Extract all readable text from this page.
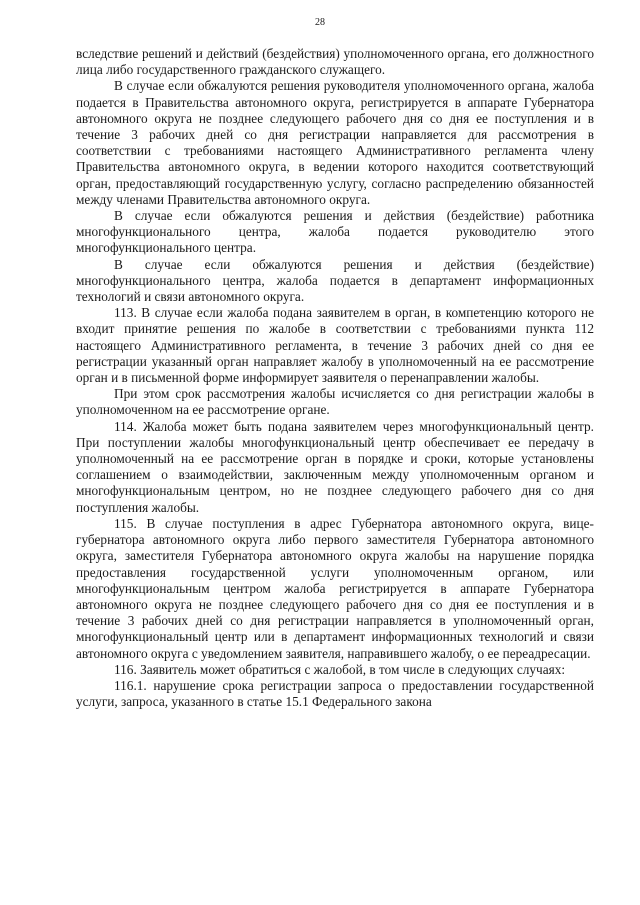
28

вследствие решений и действий (бездействия) уполномоченного органа, его должностного лица либо государственного гражданского служащего.

В случае если обжалуются решения руководителя уполномоченного органа, жалоба подается в Правительства автономного округа, регистрируется в аппарате Губернатора автономного округа не позднее следующего рабочего дня со дня ее поступления и в течение 3 рабочих дней со дня регистрации направляется для рассмотрения в соответствии с требованиями настоящего Административного регламента члену Правительства автономного округа, в ведении которого находится соответствующий орган, предоставляющий государственную услугу, согласно распределению обязанностей между членами Правительства автономного округа.

В случае если обжалуются решения и действия (бездействие) работника многофункционального центра, жалоба подается руководителю этого многофункционального центра.

В случае если обжалуются решения и действия (бездействие) многофункционального центра, жалоба подается в департамент информационных технологий и связи автономного округа.

113. В случае если жалоба подана заявителем в орган, в компетенцию которого не входит принятие решения по жалобе в соответствии с требованиями пункта 112 настоящего Административного регламента, в течение 3 рабочих дней со дня ее регистрации указанный орган направляет жалобу в уполномоченный на ее рассмотрение орган и в письменной форме информирует заявителя о перенаправлении жалобы.

При этом срок рассмотрения жалобы исчисляется со дня регистрации жалобы в уполномоченном на ее рассмотрение органе.

114. Жалоба может быть подана заявителем через многофункциональный центр. При поступлении жалобы многофункциональный центр обеспечивает ее передачу в уполномоченный на ее рассмотрение орган в порядке и сроки, которые установлены соглашением о взаимодействии, заключенным между уполномоченным органом и многофункциональным центром, но не позднее следующего рабочего дня со дня поступления жалобы.

115. В случае поступления в адрес Губернатора автономного округа, вице-губернатора автономного округа либо первого заместителя Губернатора автономного округа, заместителя Губернатора автономного округа жалобы на нарушение порядка предоставления государственной услуги уполномоченным органом, или многофункциональным центром жалоба регистрируется в аппарате Губернатора автономного округа не позднее следующего рабочего дня со дня ее поступления и в течение 3 рабочих дней со дня регистрации направляется в уполномоченный орган, многофункциональный центр или в департамент информационных технологий и связи автономного округа с уведомлением заявителя, направившего жалобу, о ее переадресации.

116. Заявитель может обратиться с жалобой, в том числе в следующих случаях:

116.1. нарушение срока регистрации запроса о предоставлении государственной услуги, запроса, указанного в статье 15.1 Федерального закона
